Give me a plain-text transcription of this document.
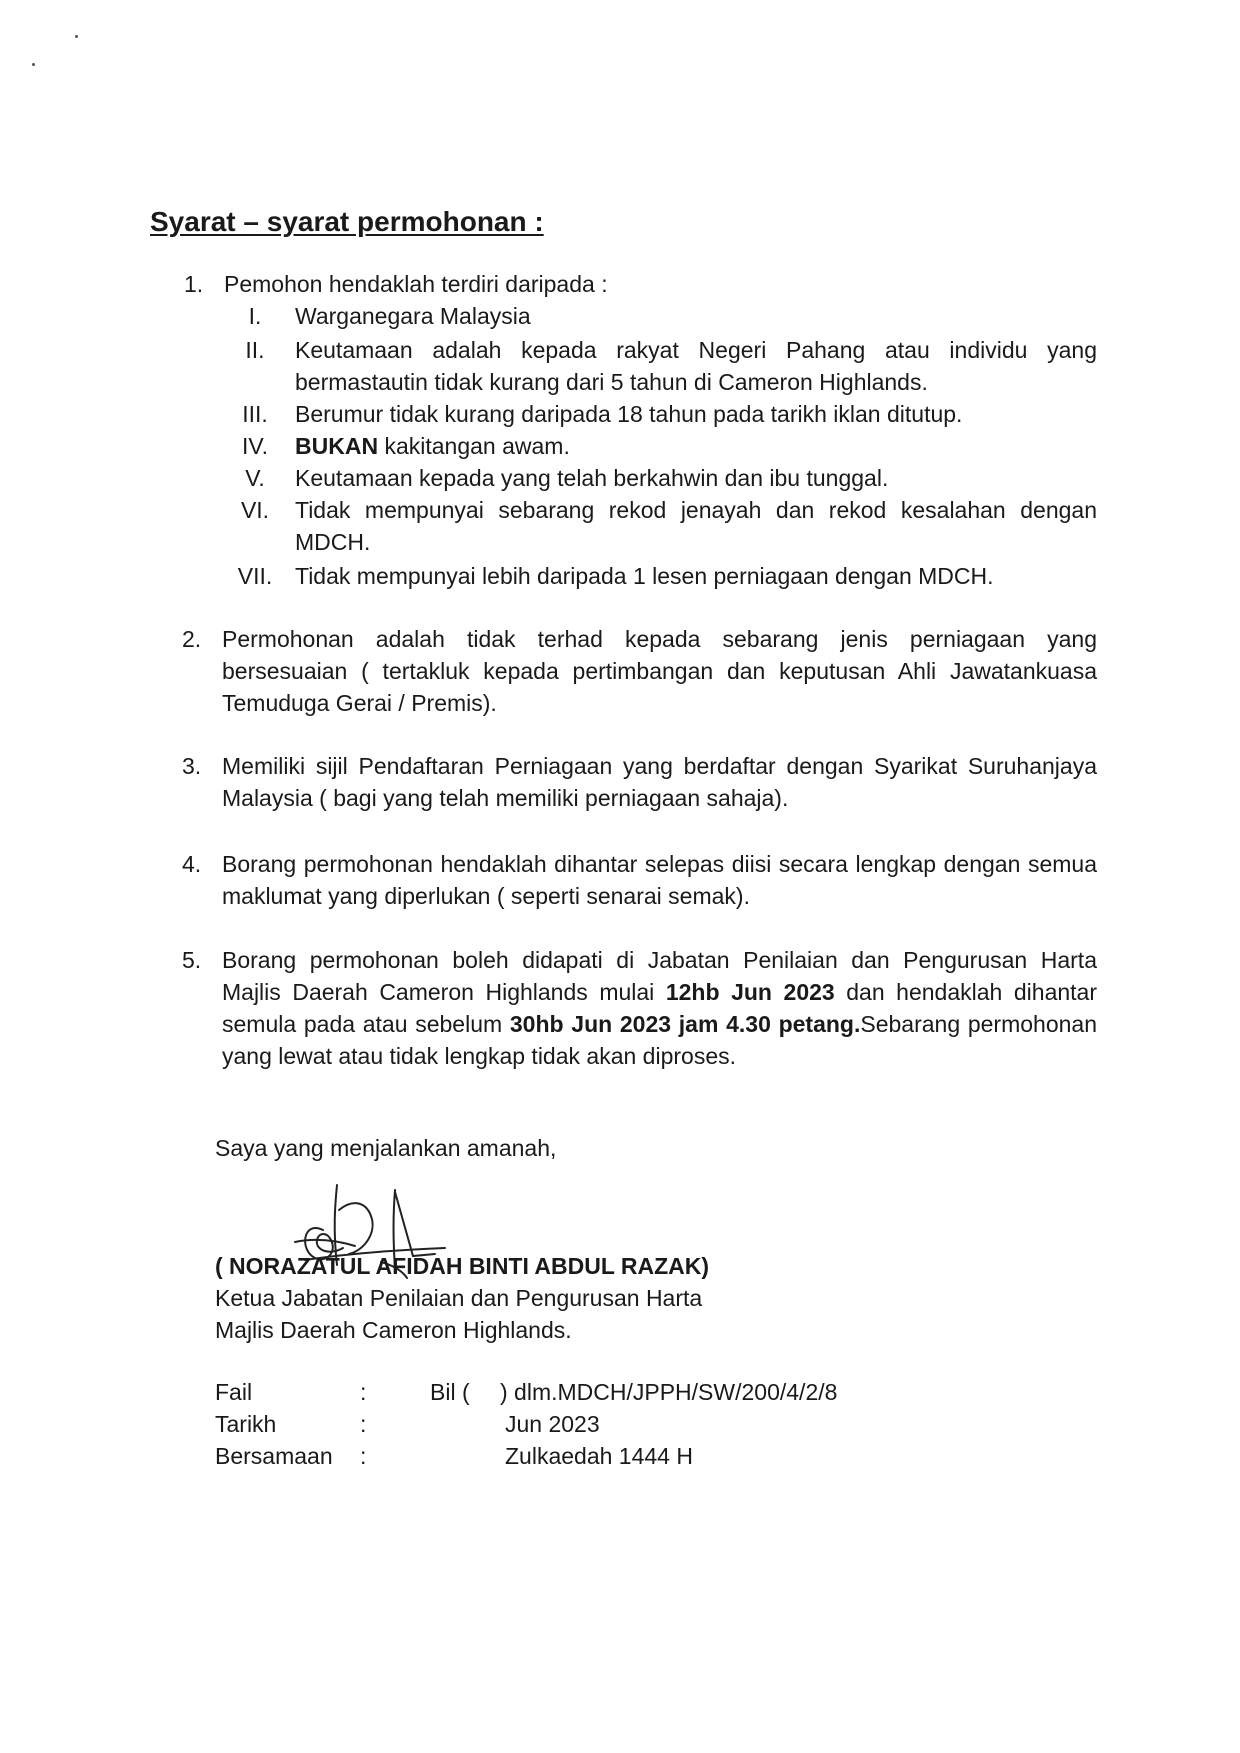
Syarat – syarat permohonan :
1. Pemohon hendaklah terdiri daripada :
I.	Warganegara Malaysia
II.	Keutamaan adalah kepada rakyat Negeri Pahang atau individu yang bermastautin tidak kurang dari 5 tahun di Cameron Highlands.
III.	Berumur tidak kurang daripada 18 tahun pada tarikh iklan ditutup.
IV.	BUKAN kakitangan awam.
V.	Keutamaan kepada yang telah berkahwin dan ibu tunggal.
VI.	Tidak mempunyai sebarang rekod jenayah dan rekod kesalahan dengan MDCH.
VII. Tidak mempunyai lebih daripada 1 lesen perniagaan dengan MDCH.
2. Permohonan adalah tidak terhad kepada sebarang jenis perniagaan yang bersesuaian ( tertakluk kepada pertimbangan dan keputusan Ahli Jawatankuasa Temuduga Gerai / Premis).
3. Memiliki sijil Pendaftaran Perniagaan yang berdaftar dengan Syarikat Suruhanjaya Malaysia ( bagi yang telah memiliki perniagaan sahaja).
4. Borang permohonan hendaklah dihantar selepas diisi secara lengkap dengan semua maklumat yang diperlukan ( seperti senarai semak).
5. Borang permohonan boleh didapati di Jabatan Penilaian dan Pengurusan Harta Majlis Daerah Cameron Highlands mulai 12hb Jun 2023 dan hendaklah dihantar semula pada atau sebelum 30hb Jun 2023 jam 4.30 petang.Sebarang permohonan yang lewat atau tidak lengkap tidak akan diproses.
Saya yang menjalankan amanah,
( NORAZATUL AFIDAH BINTI ABDUL RAZAK)
Ketua Jabatan Penilaian dan Pengurusan Harta
Majlis Daerah Cameron Highlands.
Fail	:	Bil ( ) dlm.MDCH/JPPH/SW/200/4/2/8
Tarikh	:	Jun 2023
Bersamaan :	Zulkaedah 1444 H
